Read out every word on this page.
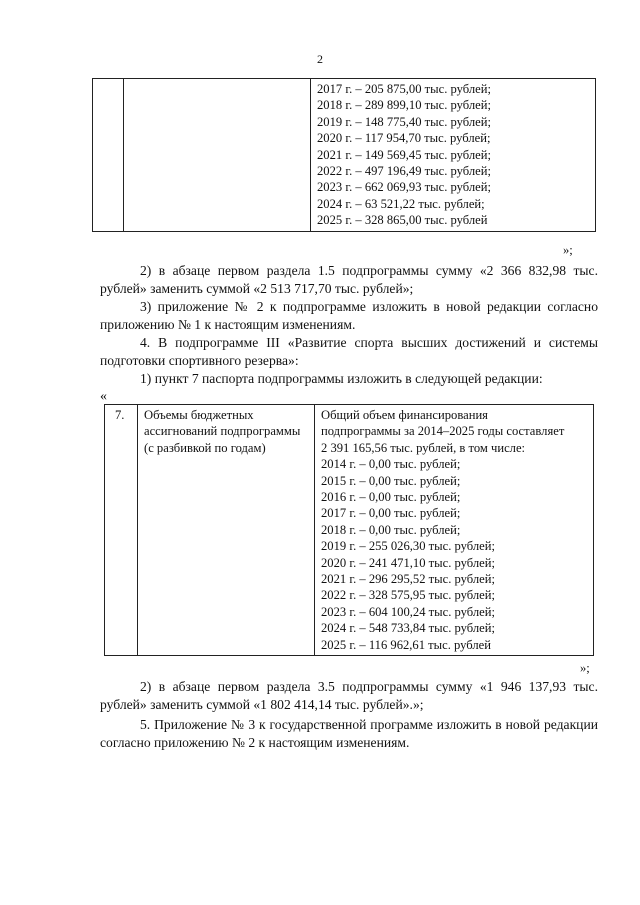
2

2017 г. – 205 875,00 тыс. рублей;
2018 г. – 289 899,10 тыс. рублей;
2019 г. – 148 775,40 тыс. рублей;
2020 г. – 117 954,70 тыс. рублей;
2021 г. – 149 569,45 тыс. рублей;
2022 г. – 497 196,49 тыс. рублей;
2023 г. – 662 069,93 тыс. рублей;
2024 г. – 63 521,22 тыс. рублей;
2025 г. – 328 865,00 тыс. рублей
»;
2) в абзаце первом раздела 1.5 подпрограммы сумму «2 366 832,98 тыс. рублей» заменить суммой «2 513 717,70 тыс. рублей»;
3) приложение № 2 к подпрограмме изложить в новой редакции согласно приложению № 1 к настоящим изменениям.
4. В подпрограмме III «Развитие спорта высших достижений и системы подготовки спортивного резерва»:
1) пункт 7 паспорта подпрограммы изложить в следующей редакции:
«
7.	Объемы бюджетных
ассигнований подпрограммы
(с разбивкой по годам)

Общий объем финансирования
подпрограммы за 2014–2025 годы составляет
2 391 165,56 тыс. рублей, в том числе:
2014 г. – 0,00 тыс. рублей;
2015 г. – 0,00 тыс. рублей;
2016 г. – 0,00 тыс. рублей;
2017 г. – 0,00 тыс. рублей;
2018 г. – 0,00 тыс. рублей;
2019 г. – 255 026,30 тыс. рублей;
2020 г. – 241 471,10 тыс. рублей;
2021 г. – 296 295,52 тыс. рублей;
2022 г. – 328 575,95 тыс. рублей;
2023 г. – 604 100,24 тыс. рублей;
2024 г. – 548 733,84 тыс. рублей;
2025 г. – 116 962,61 тыс. рублей
»;
2) в абзаце первом раздела 3.5 подпрограммы сумму «1 946 137,93 тыс. рублей» заменить суммой «1 802 414,14 тыс. рублей».»;
5. Приложение № 3 к государственной программе изложить в новой редакции согласно приложению № 2 к настоящим изменениям.
